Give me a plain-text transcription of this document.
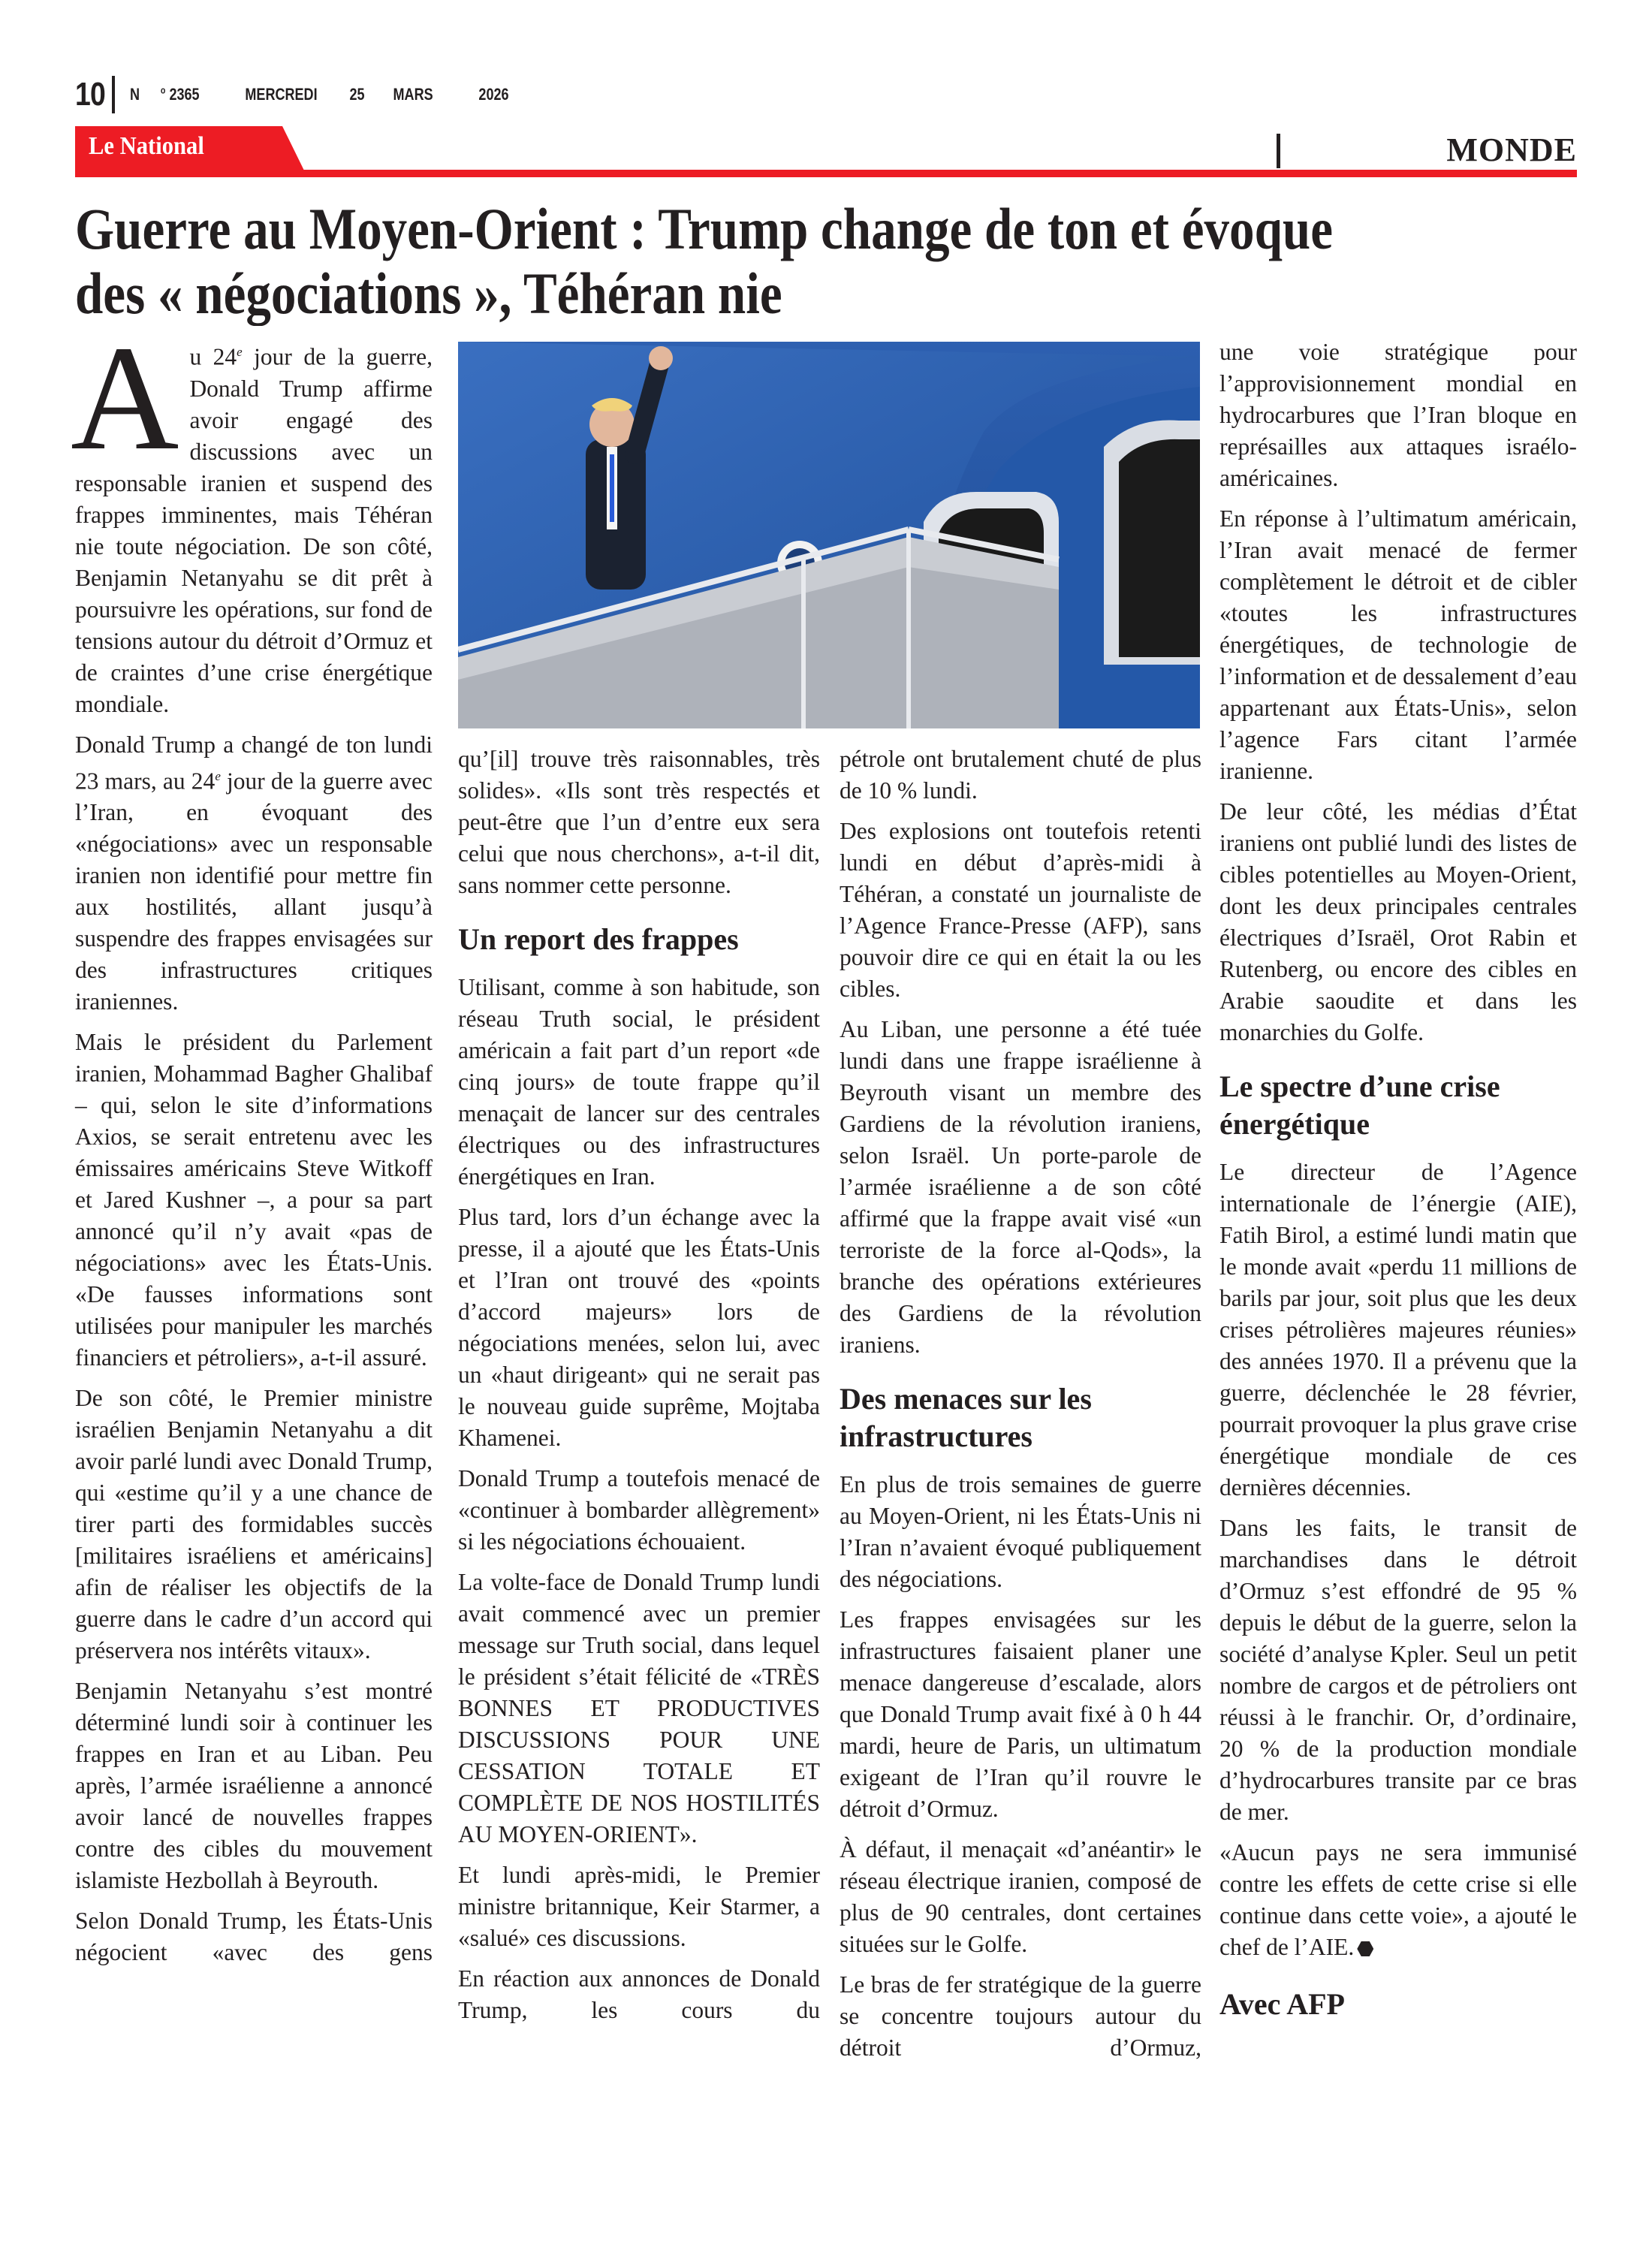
10 N $^o$ 2365	MERCREDI 25 MARS	2026
Le National	MONDE
Guerre au Moyen-Orient : Trump change de ton et évoque
des « négociations », Téhéran nie

Au 24e jour de la guerre, Donald Trump affirme avoir engagé des discussions avec un responsable iranien et suspend des frappes imminentes, mais Téhéran nie toute négociation. De son côté, Benjamin Netanyahu se dit prêt à poursuivre les opérations, sur fond de tensions autour du détroit d’Ormuz et de craintes d’une crise énergétique mondiale.

Donald Trump a changé de ton lundi 23 mars, au 24e jour de la guerre avec l’Iran, en évoquant des «négociations» avec un responsable iranien non identifié pour mettre fin aux hostilités, allant jusqu’à suspendre des frappes envisagées sur des infrastructures critiques iraniennes.

Mais le président du Parlement iranien, Mohammad Bagher Ghalibaf – qui, selon le site d’informations Axios, se serait entretenu avec les émissaires américains Steve Witkoff et Jared Kushner –, a pour sa part annoncé qu’il n’y avait «pas de négociations» avec les États-Unis. «De fausses informations sont utilisées pour manipuler les marchés financiers et pétroliers», a-t-il assuré.

De son côté, le Premier ministre israélien Benjamin Netanyahu a dit avoir parlé lundi avec Donald Trump, qui «estime qu’il y a une chance de tirer parti des formidables succès [militaires israéliens et américains] afin de réaliser les objectifs de la guerre dans le cadre d’un accord qui préservera nos intérêts vitaux».

Benjamin Netanyahu s’est montré déterminé lundi soir à continuer les frappes en Iran et au Liban. Peu après, l’armée israélienne a annoncé avoir lancé de nouvelles frappes contre des cibles du mouvement islamiste Hezbollah à Beyrouth.

Selon Donald Trump, les États-Unis négocient «avec des gens

qu’[il] trouve très raisonnables, très solides». «Ils sont très respectés et peut-être que l’un d’entre eux sera celui que nous cherchons», a-t-il dit, sans nommer cette personne.

Un report des frappes

Utilisant, comme à son habitude, son réseau Truth social, le président américain a fait part d’un report «de cinq jours» de toute frappe qu’il menaçait de lancer sur des centrales électriques ou des infrastructures énergétiques en Iran.

Plus tard, lors d’un échange avec la presse, il a ajouté que les États-Unis et l’Iran ont trouvé des «points d’accord majeurs» lors de négociations menées, selon lui, avec un «haut dirigeant» qui ne serait pas le nouveau guide suprême, Mojtaba Khamenei.

Donald Trump a toutefois menacé de «continuer à bombarder allègrement» si les négociations échouaient.

La volte-face de Donald Trump lundi avait commencé avec un premier message sur Truth social, dans lequel le président s’était félicité de «TRÈS BONNES ET PRODUCTIVES DISCUSSIONS POUR UNE CESSATION TOTALE ET COMPLÈTE DE NOS HOSTILITÉS AU MOYEN-ORIENT».

Et lundi après-midi, le Premier ministre britannique, Keir Starmer, a «salué» ces discussions.

En réaction aux annonces de Donald Trump, les cours du

pétrole ont brutalement chuté de plus de 10 % lundi.

Des explosions ont toutefois retenti lundi en début d’après-midi à Téhéran, a constaté un journaliste de l’Agence France-Presse (AFP), sans pouvoir dire ce qui en était la ou les cibles.

Au Liban, une personne a été tuée lundi dans une frappe israélienne à Beyrouth visant un membre des Gardiens de la révolution iraniens, selon Israël. Un porte-parole de l’armée israélienne a de son côté affirmé que la frappe avait visé «un terroriste de la force al-Qods», la branche des opérations extérieures des Gardiens de la révolution iraniens.

Des menaces sur les infrastructures

En plus de trois semaines de guerre au Moyen-Orient, ni les États-Unis ni l’Iran n’avaient évoqué publiquement des négociations.

Les frappes envisagées sur les infrastructures faisaient planer une menace dangereuse d’escalade, alors que Donald Trump avait fixé à 0 h 44 mardi, heure de Paris, un ultimatum exigeant de l’Iran qu’il rouvre le détroit d’Ormuz.

À défaut, il menaçait «d’anéantir» le réseau électrique iranien, composé de plus de 90 centrales, dont certaines situées sur le Golfe.

Le bras de fer stratégique de la guerre se concentre toujours autour du détroit d’Ormuz,

une voie stratégique pour l’approvisionnement mondial en hydrocarbures que l’Iran bloque en représailles aux attaques israélo-américaines.

En réponse à l’ultimatum américain, l’Iran avait menacé de fermer complètement le détroit et de cibler «toutes les infrastructures énergétiques, de technologie de l’information et de dessalement d’eau appartenant aux États-Unis», selon l’agence Fars citant l’armée iranienne.

De leur côté, les médias d’État iraniens ont publié lundi des listes de cibles potentielles au Moyen-Orient, dont les deux principales centrales électriques d’Israël, Orot Rabin et Rutenberg, ou encore des cibles en Arabie saoudite et dans les monarchies du Golfe.

Le spectre d’une crise énergétique

Le directeur de l’Agence internationale de l’énergie (AIE), Fatih Birol, a estimé lundi matin que le monde avait «perdu 11 millions de barils par jour, soit plus que les deux crises pétrolières majeures réunies» des années 1970. Il a prévenu que la guerre, déclenchée le 28 février, pourrait provoquer la plus grave crise énergétique mondiale de ces dernières décennies.

Dans les faits, le transit de marchandises dans le détroit d’Ormuz s’est effondré de 95 % depuis le début de la guerre, selon la société d’analyse Kpler. Seul un petit nombre de cargos et de pétroliers ont réussi à le franchir. Or, d’ordinaire, 20 % de la production mondiale d’hydrocarbures transite par ce bras de mer.

«Aucun pays ne sera immunisé contre les effets de cette crise si elle continue dans cette voie», a ajouté le chef de l’AIE.

Avec AFP
